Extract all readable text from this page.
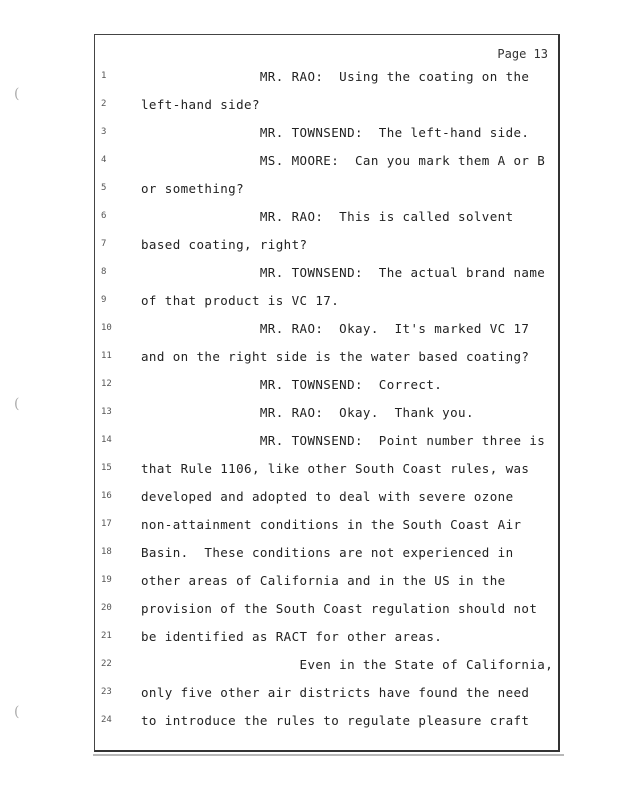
(
(
(
Page 13
1	MR. RAO:  Using the coating on the
2	left-hand side?
3	MR. TOWNSEND:  The left-hand side.
4	MS. MOORE:  Can you mark them A or B
5	or something?
6	MR. RAO:  This is called solvent
7	based coating, right?
8	MR. TOWNSEND:  The actual brand name
9	of that product is VC 17.
10	MR. RAO:  Okay.  It's marked VC 17
11	and on the right side is the water based coating?
12	MR. TOWNSEND:  Correct.
13	MR. RAO:  Okay.  Thank you.
14	MR. TOWNSEND:  Point number three is
15	that Rule 1106, like other South Coast rules, was
16	developed and adopted to deal with severe ozone
17	non-attainment conditions in the South Coast Air
18	Basin.  These conditions are not experienced in
19	other areas of California and in the US in the
20	provision of the South Coast regulation should not
21	be identified as RACT for other areas.
22	Even in the State of California,
23	only five other air districts have found the need
24	to introduce the rules to regulate pleasure craft
